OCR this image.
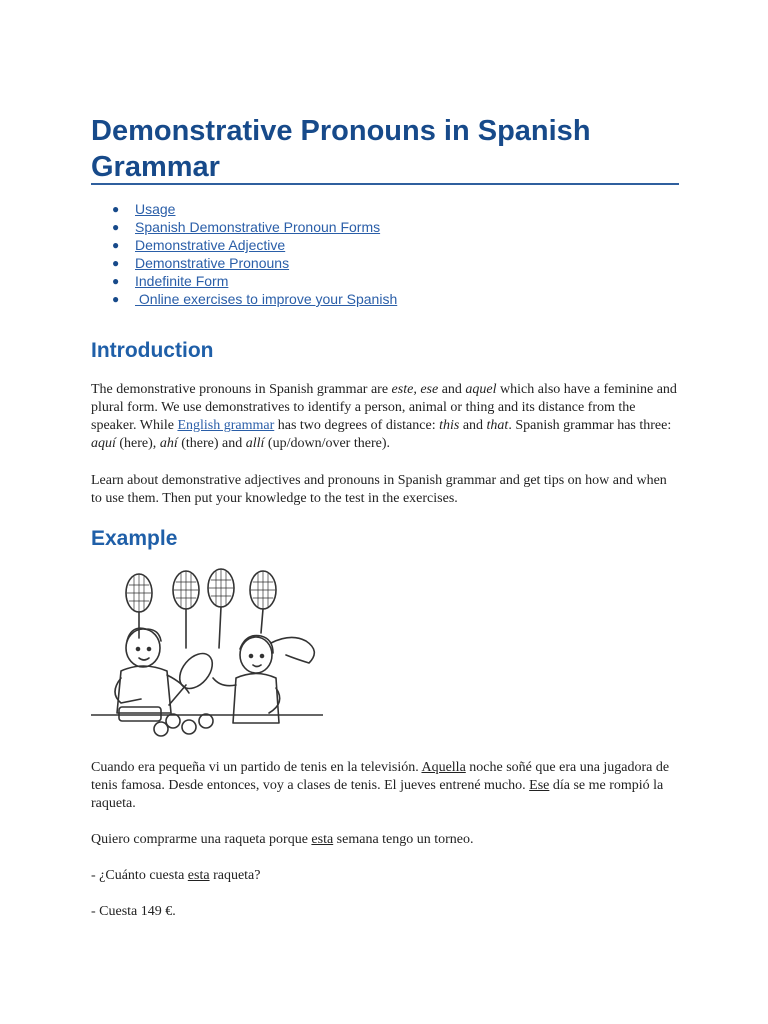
Demonstrative Pronouns in Spanish Grammar
● Usage
● Spanish Demonstrative Pronoun Forms
● Demonstrative Adjective
● Demonstrative Pronouns
● Indefinite Form
● Online exercises to improve your Spanish
Introduction

The demonstrative pronouns in Spanish grammar are este, ese and aquel which also have a feminine and plural form. We use demonstratives to identify a person, animal or thing and its distance from the speaker. While English grammar has two degrees of distance: this and that. Spanish grammar has three: aquí (here), ahí (there) and allí (up/down/over there).

Learn about demonstrative adjectives and pronouns in Spanish grammar and get tips on how and when to use them. Then put your knowledge to the test in the exercises.

Example

Cuando era pequeña vi un partido de tenis en la televisión. Aquella noche soñé que era una jugadora de tenis famosa. Desde entonces, voy a clases de tenis. El jueves entrené mucho. Ese día se me rompió la raqueta.

Quiero comprarme una raqueta porque esta semana tengo un torneo.

- ¿Cuánto cuesta esta raqueta?

- Cuesta 149 €.
